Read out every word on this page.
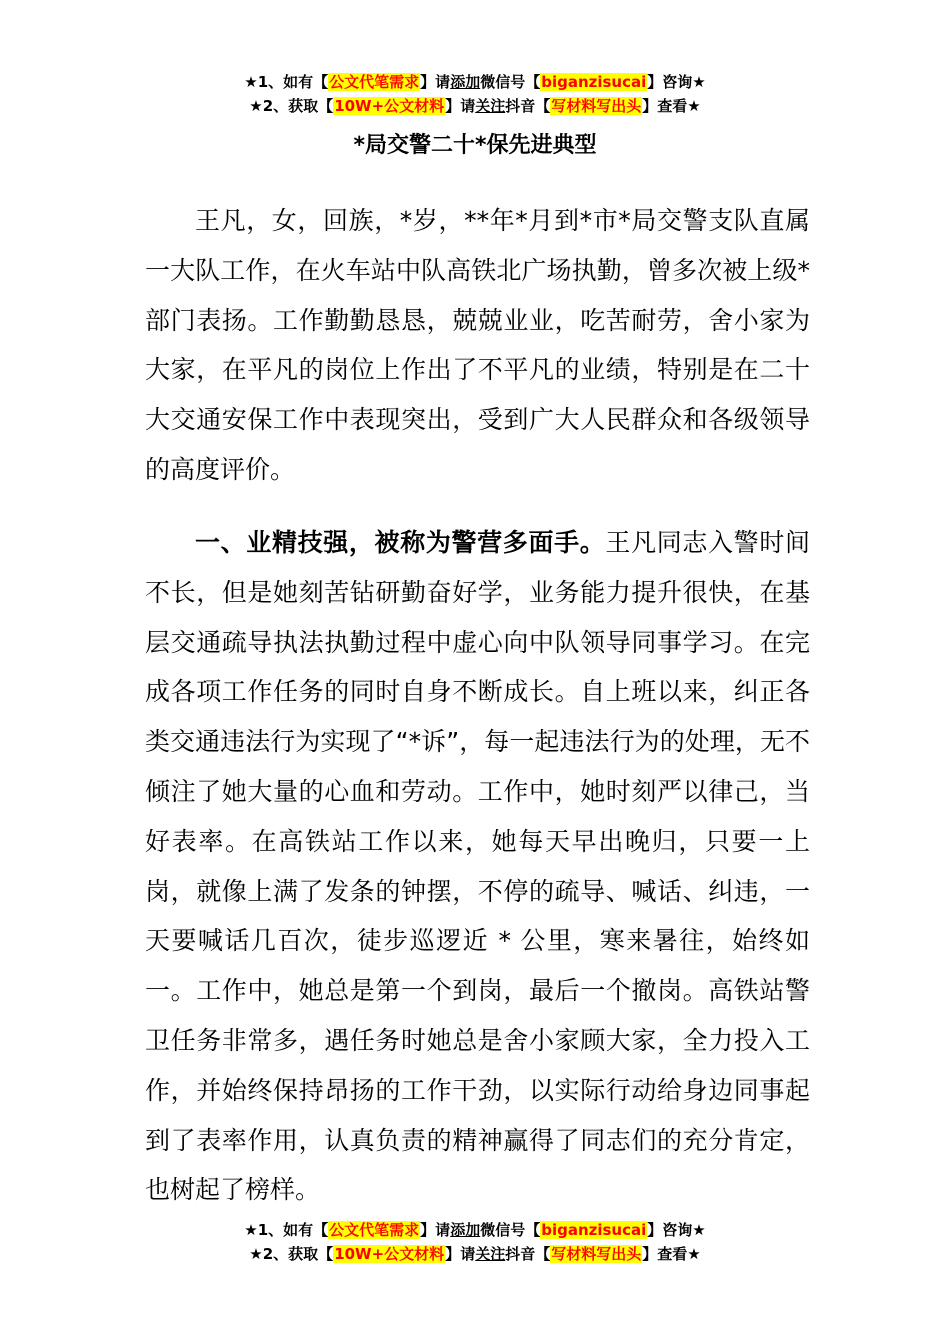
★1、如有【公文代笔需求】请添加微信号【biganzisucai】咨询★
★2、获取【10W+公文材料】请关注抖音【写材料写出头】查看★
*局交警二十*保先进典型

王凡，女，回族，*岁，**年*月到*市*局交警支队直属一大队工作，在火车站中队高铁北广场执勤，曾多次被上级*部门表扬。工作勤勤恳恳，兢兢业业，吃苦耐劳，舍小家为大家，在平凡的岗位上作出了不平凡的业绩，特别是在二十大交通安保工作中表现突出，受到广大人民群众和各级领导的高度评价。

一、业精技强，被称为警营多面手。王凡同志入警时间不长，但是她刻苦钻研勤奋好学，业务能力提升很快，在基层交通疏导执法执勤过程中虚心向中队领导同事学习。在完成各项工作任务的同时自身不断成长。自上班以来，纠正各类交通违法行为实现了“*诉”，每一起违法行为的处理，无不倾注了她大量的心血和劳动。工作中，她时刻严以律己，当好表率。在高铁站工作以来，她每天早出晚归，只要一上岗，就像上满了发条的钟摆，不停的疏导、喊话、纠违，一天要喊话几百次，徒步巡逻近 * 公里，寒来暑往，始终如一。工作中，她总是第一个到岗，最后一个撤岗。高铁站警卫任务非常多，遇任务时她总是舍小家顾大家，全力投入工作，并始终保持昂扬的工作干劲，以实际行动给身边同事起到了表率作用，认真负责的精神赢得了同志们的充分肯定，也树起了榜样。

★1、如有【公文代笔需求】请添加微信号【biganzisucai】咨询★
★2、获取【10W+公文材料】请关注抖音【写材料写出头】查看★
